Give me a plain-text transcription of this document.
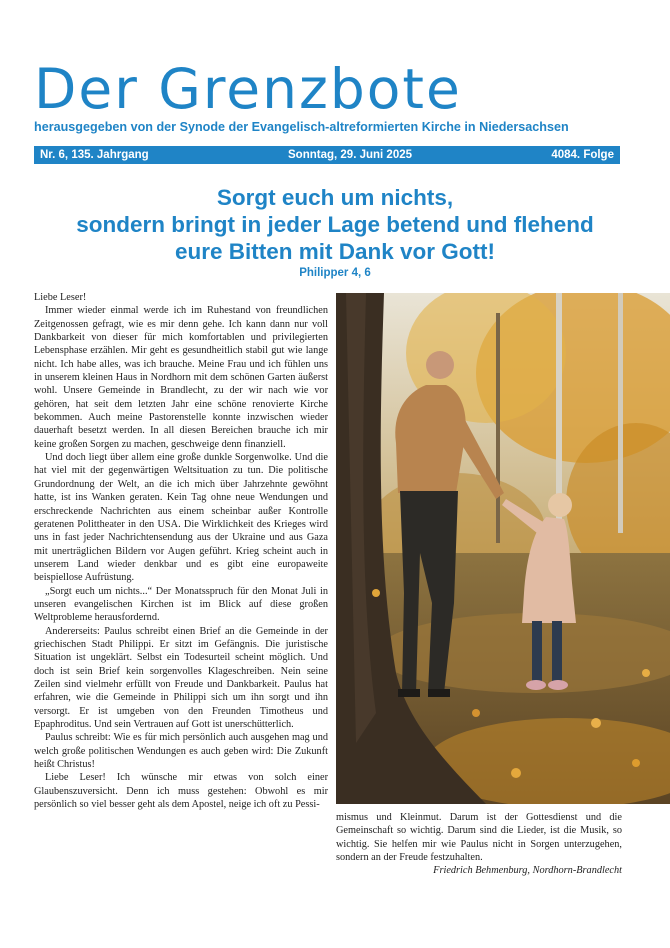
Der Grenzbote
herausgegeben von der Synode der Evangelisch-altreformierten Kirche in Niedersachsen
Nr. 6, 135. Jahrgang	Sonntag, 29. Juni 2025	4084. Folge
Sorgt euch um nichts,
sondern bringt in jeder Lage betend und flehend
eure Bitten mit Dank vor Gott!
Philipper 4, 6

Liebe Leser!

Immer wieder einmal werde ich im Ruhestand von freundlichen Zeitgenossen gefragt, wie es mir denn gehe. Ich kann dann nur voll Dankbarkeit von dieser für mich komfortablen und privilegierten Lebensphase erzählen. Mir geht es gesundheitlich stabil gut wie lange nicht. Ich habe alles, was ich brauche. Meine Frau und ich fühlen uns in unserem kleinen Haus in Nordhorn mit dem schönen Garten äußerst wohl. Unsere Gemeinde in Brandlecht, zu der wir nach wie vor gehören, hat seit dem letzten Jahr eine schöne renovierte Kirche bekommen. Auch meine Pastorenstelle konnte inzwischen wieder dauerhaft besetzt werden. In all diesen Bereichen brauche ich mir keine großen Sorgen zu machen, geschweige denn finanziell.

Und doch liegt über allem eine große dunkle Sorgenwolke. Und die hat viel mit der gegenwärtigen Weltsituation zu tun. Die politische Grundordnung der Welt, an die ich mich über Jahrzehnte gewöhnt hatte, ist ins Wanken geraten. Kein Tag ohne neue Wendungen und erschreckende Nachrichten aus einem scheinbar außer Kontrolle geratenen Polittheater in den USA. Die Wirklichkeit des Krieges wird uns in fast jeder Nachrichtensendung aus der Ukraine und aus Gaza mit unerträglichen Bildern vor Augen geführt. Krieg scheint auch in unserem Land wieder denkbar und es gibt eine europaweite beispiellose Aufrüstung.

„Sorgt euch um nichts...“ Der Monatsspruch für den Monat Juli in unseren evangelischen Kirchen ist im Blick auf diese großen Weltprobleme herausfordernd.

Andererseits: Paulus schreibt einen Brief an die Gemeinde in der griechischen Stadt Philippi. Er sitzt im Gefängnis. Die juristische Situation ist ungeklärt. Selbst ein Todesurteil scheint möglich. Und doch ist sein Brief kein sorgenvolles Klageschreiben. Nein seine Zeilen sind vielmehr erfüllt von Freude und Dankbarkeit. Paulus hat erfahren, wie die Gemeinde in Philippi sich um ihn sorgt und ihn versorgt. Er ist umgeben von den Freunden Timotheus und Epaphroditus. Und sein Vertrauen auf Gott ist unerschütterlich.

Paulus schreibt: Wie es für mich persönlich auch ausgehen mag und welch große politischen Wendungen es auch geben wird: Die Zukunft heißt Christus!

Liebe Leser! Ich wünsche mir etwas von solch einer Glaubenszuversicht. Denn ich muss gestehen: Obwohl es mir persönlich so viel besser geht als dem Apostel, neige ich oft zu Pessi-

mismus und Kleinmut. Darum ist der Gottesdienst und die Gemeinschaft so wichtig. Darum sind die Lieder, ist die Musik, so wichtig. Sie helfen mir wie Paulus nicht in Sorgen unterzugehen, sondern an der Freude festzuhalten.

Friedrich Behmenburg, Nordhorn-Brandlecht
